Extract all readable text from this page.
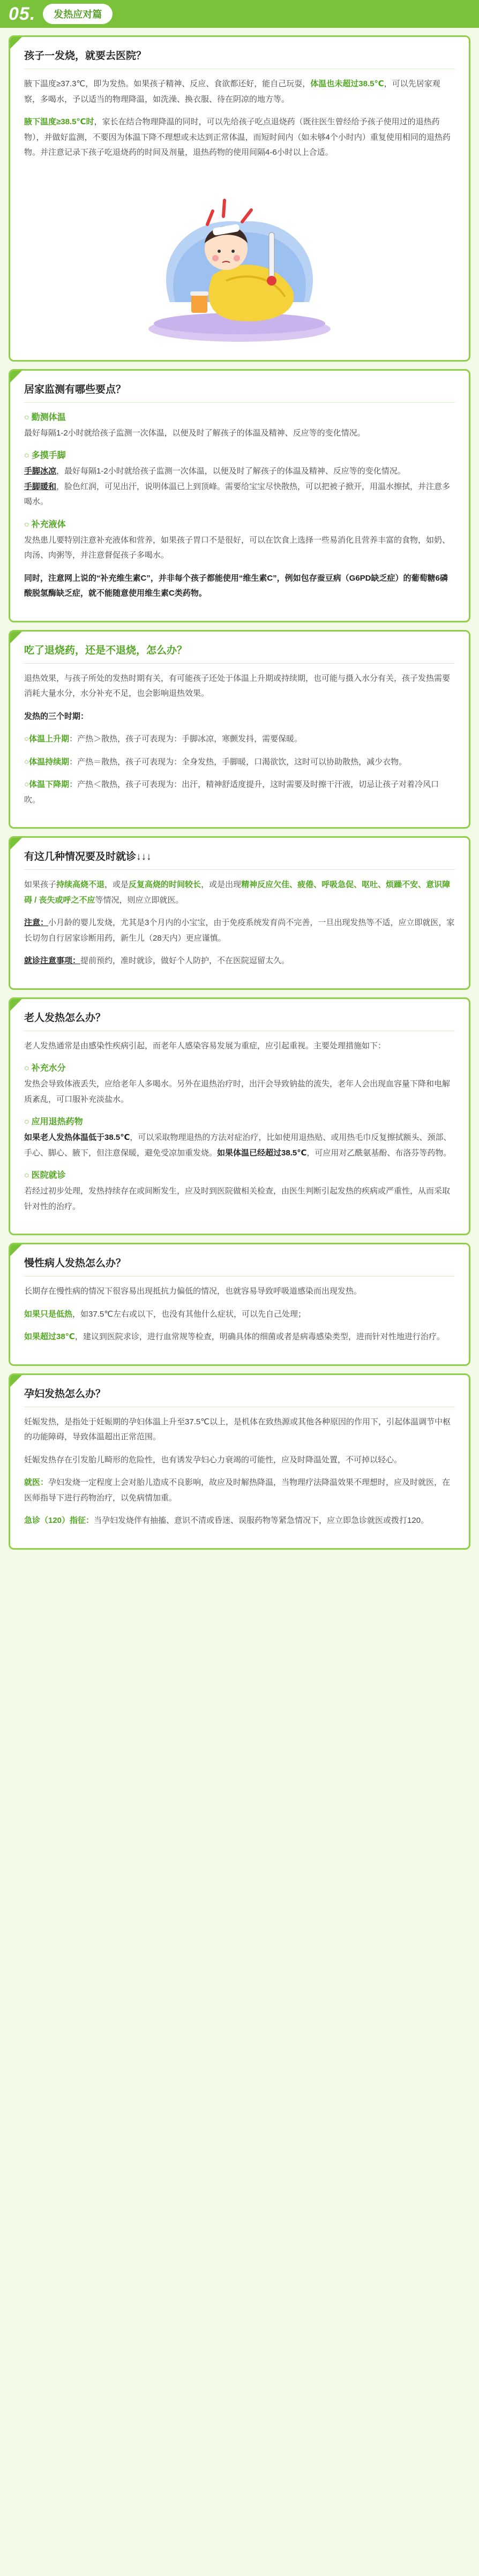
05.	发热应对篇
孩子一发烧，就要去医院？

腋下温度≥37.3℃，即为发热。如果孩子精神、反应、食欲都还好，能自己玩耍，体温也未超过38.5℃，可以先居家观察，多喝水，予以适当的物理降温，如洗澡、换衣服、待在阴凉的地方等。

腋下温度≥38.5℃时，家长在结合物理降温的同时，可以先给孩子吃点退烧药（既往医生曾经给予孩子使用过的退热药物），并做好监测，不要因为体温下降不理想或未达到正常体温，而短时间内（如未够4个小时内）重复使用相同的退热药物。并注意记录下孩子吃退烧药的时间及剂量，退热药物的使用间隔4-6小时以上合适。

居家监测有哪些要点？
○ 勤测体温

最好每隔1-2小时就给孩子监测一次体温，以便及时了解孩子的体温及精神、反应等的变化情况。

○ 多摸手脚

手脚冰凉，最好每隔1-2小时就给孩子监测一次体温，以便及时了解孩子的体温及精神、反应等的变化情况。
手脚暖和，脸色红润，可见出汗，说明体温已上到顶峰。需要给宝宝尽快散热，可以把被子掀开，用温水擦拭，并注意多喝水。

○ 补充液体

发热患儿要特别注意补充液体和营养，如果孩子胃口不是很好，可以在饮食上选择一些易消化且营养丰富的食物，如奶、肉汤、肉粥等，并注意督促孩子多喝水。

同时，注意网上说的“补充维生素C”，并非每个孩子都能使用“维生素C”，例如包存蚕豆病（G6PD缺乏症）的葡萄糖6磷酸脱氢酶缺乏症，就不能随意使用维生素C类药物。

吃了退烧药，还是不退烧，怎么办？

退热效果，与孩子所处的发热时期有关，有可能孩子还处于体温上升期或持续期，也可能与摄入水分有关，孩子发热需要消耗大量水分，水分补充不足，也会影响退热效果。

发热的三个时期：

○体温上升期：产热＞散热，孩子可表现为：手脚冰凉，寒颤发抖，需要保暖。

○体温持续期：产热＝散热，孩子可表现为：全身发热，手脚暖，口渴欲饮，这时可以协助散热，减少衣物。

○体温下降期：产热＜散热，孩子可表现为：出汗，精神舒适度提升，这时需要及时擦干汗液，切忌让孩子对着冷风口吹。

有这几种情况要及时就诊↓↓↓

如果孩子持续高烧不退，或是反复高烧的时间较长，或是出现精神反应欠佳、疲倦、呼吸急促、呕吐、烦躁不安、意识障碍 / 丧失或呼之不应等情况，则应立即就医。

注意：小月龄的婴儿发烧，尤其是3个月内的小宝宝，由于免疫系统发育尚不完善，一旦出现发热等不适，应立即就医，家长切勿自行居家诊断用药，新生儿（28天内）更应谨慎。

就诊注意事项：提前预约，准时就诊，做好个人防护，不在医院逗留太久。

老人发热怎么办？

老人发热通常是由感染性疾病引起，而老年人感染容易发展为重症，应引起重视。主要处理措施如下：

○ 补充水分

发热会导致体液丢失，应给老年人多喝水。另外在退热治疗时，出汗会导致钠盐的流失，老年人会出现血容量下降和电解质紊乱，可口服补充淡盐水。

○ 应用退热药物

如果老人发热体温低于38.5℃，可以采取物理退热的方法对症治疗，比如使用退热贴、或用热毛巾反复擦拭额头、颈部、手心、脚心、腋下，但注意保暖，避免受凉加重发烧。如果体温已经超过38.5℃，可应用对乙酰氨基酚、布洛芬等药物。

○ 医院就诊

若经过初步处理，发热持续存在或间断发生，应及时到医院做相关检查，由医生判断引起发热的疾病或严重性，从而采取针对性的治疗。

慢性病人发热怎么办？

长期存在慢性病的情况下很容易出现抵抗力偏低的情况，也就容易导致呼吸道感染而出现发热。

如果只是低热，如37.5℃左右或以下，也没有其他什么症状，可以先自己处理；

如果超过38℃，建议到医院求诊，进行血常规等检查，明确具体的细菌或者是病毒感染类型，进而针对性地进行治疗。

孕妇发热怎么办？

妊娠发热，是指处于妊娠期的孕妇体温上升至37.5℃以上，是机体在致热源或其他各种原因的作用下，引起体温调节中枢的功能障碍，导致体温超出正常范围。

妊娠发热存在引发胎儿畸形的危险性，也有诱发孕妇心力衰竭的可能性，应及时降温处置，不可掉以轻心。

就医：孕妇发烧一定程度上会对胎儿造成不良影响，故应及时解热降温，当物理疗法降温效果不理想时，应及时就医，在医师指导下进行药物治疗，以免病情加重。

急诊（120）指征：当孕妇发烧伴有抽搐、意识不清或昏迷、误服药物等紧急情况下，应立即急诊就医或拨打120。
